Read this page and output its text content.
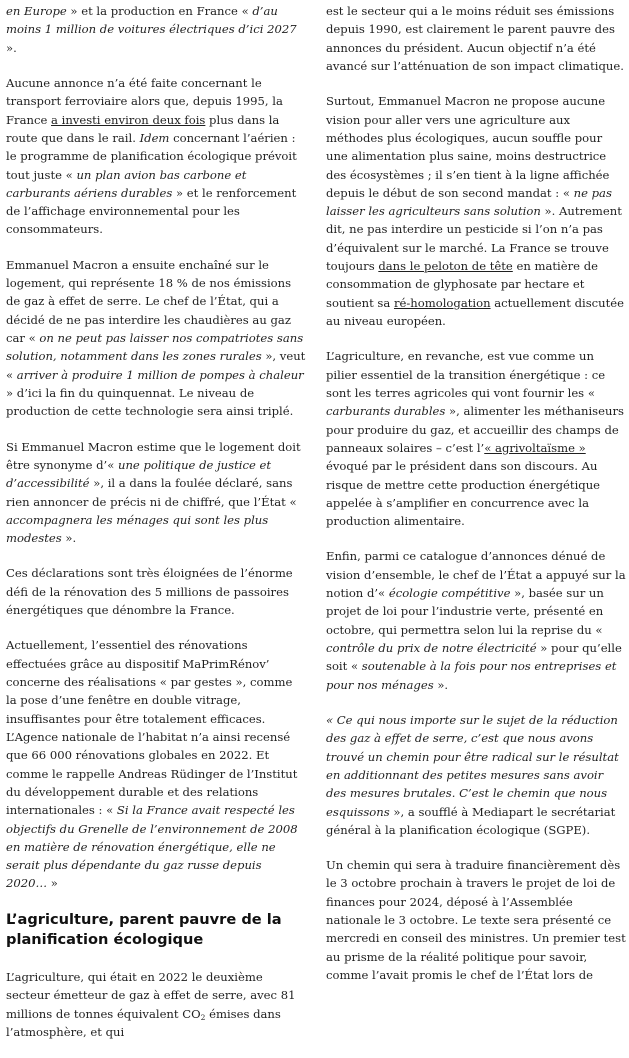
en Europe » et la production en France « d’au moins 1 million de voitures électriques d’ici 2027 ».

Aucune annonce n’a été faite concernant le transport ferroviaire alors que, depuis 1995, la France a investi environ deux fois plus dans la route que dans le rail. Idem concernant l’aérien : le programme de planification écologique prévoit tout juste « un plan avion bas carbone et carburants aériens durables » et le renforcement de l’affichage environnemental pour les consommateurs.

Emmanuel Macron a ensuite enchaîné sur le logement, qui représente 18 % de nos émissions de gaz à effet de serre. Le chef de l’État, qui a décidé de ne pas interdire les chaudières au gaz car « on ne peut pas laisser nos compatriotes sans solution, notamment dans les zones rurales », veut « arriver à produire 1 million de pompes à chaleur » d’ici la fin du quinquennat. Le niveau de production de cette technologie sera ainsi triplé.

Si Emmanuel Macron estime que le logement doit être synonyme d’« une politique de justice et d’accessibilité », il a dans la foulée déclaré, sans rien annoncer de précis ni de chiffré, que l’État « accompagnera les ménages qui sont les plus modestes ».

Ces déclarations sont très éloignées de l’énorme défi de la rénovation des 5 millions de passoires énergétiques que dénombre la France.

Actuellement, l’essentiel des rénovations effectuées grâce au dispositif MaPrimRénov’ concerne des réalisations « par gestes », comme la pose d’une fenêtre en double vitrage, insuffisantes pour être totalement efficaces. L’Agence nationale de l’habitat n’a ainsi recensé que 66 000 rénovations globales en 2022. Et comme le rappelle Andreas Rüdinger de l’Institut du développement durable et des relations internationales : « Si la France avait respecté les objectifs du Grenelle de l’environnement de 2008 en matière de rénovation énergétique, elle ne serait plus dépendante du gaz russe depuis 2020… »

L’agriculture, parent pauvre de la planification écologique

L’agriculture, qui était en 2022 le deuxième secteur émetteur de gaz à effet de serre, avec 81 millions de tonnes équivalent $CO_2$ émises dans l’atmosphère, et qui

est le secteur qui a le moins réduit ses émissions depuis 1990, est clairement le parent pauvre des annonces du président. Aucun objectif n’a été avancé sur l’atténuation de son impact climatique.

Surtout, Emmanuel Macron ne propose aucune vision pour aller vers une agriculture aux méthodes plus écologiques, aucun souffle pour une alimentation plus saine, moins destructrice des écosystèmes ; il s’en tient à la ligne affichée depuis le début de son second mandat : « ne pas laisser les agriculteurs sans solution ». Autrement dit, ne pas interdire un pesticide si l’on n’a pas d’équivalent sur le marché. La France se trouve toujours dans le peloton de tête en matière de consommation de glyphosate par hectare et soutient sa ré-homologation actuellement discutée au niveau européen.

L’agriculture, en revanche, est vue comme un pilier essentiel de la transition énergétique : ce sont les terres agricoles qui vont fournir les « carburants durables », alimenter les méthaniseurs pour produire du gaz, et accueillir des champs de panneaux solaires – c’est l’« agrivoltaïsme » évoqué par le président dans son discours. Au risque de mettre cette production énergétique appelée à s’amplifier en concurrence avec la production alimentaire.

Enfin, parmi ce catalogue d’annonces dénué de vision d’ensemble, le chef de l’État a appuyé sur la notion d’« écologie compétitive », basée sur un projet de loi pour l’industrie verte, présenté en octobre, qui permettra selon lui la reprise du « contrôle du prix de notre électricité » pour qu’elle soit « soutenable à la fois pour nos entreprises et pour nos ménages ».

« Ce qui nous importe sur le sujet de la réduction des gaz à effet de serre, c’est que nous avons trouvé un chemin pour être radical sur le résultat en additionnant des petites mesures sans avoir des mesures brutales. C’est le chemin que nous esquissons », a soufflé à Mediapart le secrétariat général à la planification écologique (SGPE).

Un chemin qui sera à traduire financièrement dès le 3 octobre prochain à travers le projet de loi de finances pour 2024, déposé à l’Assemblée nationale le 3 octobre. Le texte sera présenté ce mercredi en conseil des ministres. Un premier test au prisme de la réalité politique pour savoir, comme l’avait promis le chef de l’État lors de
